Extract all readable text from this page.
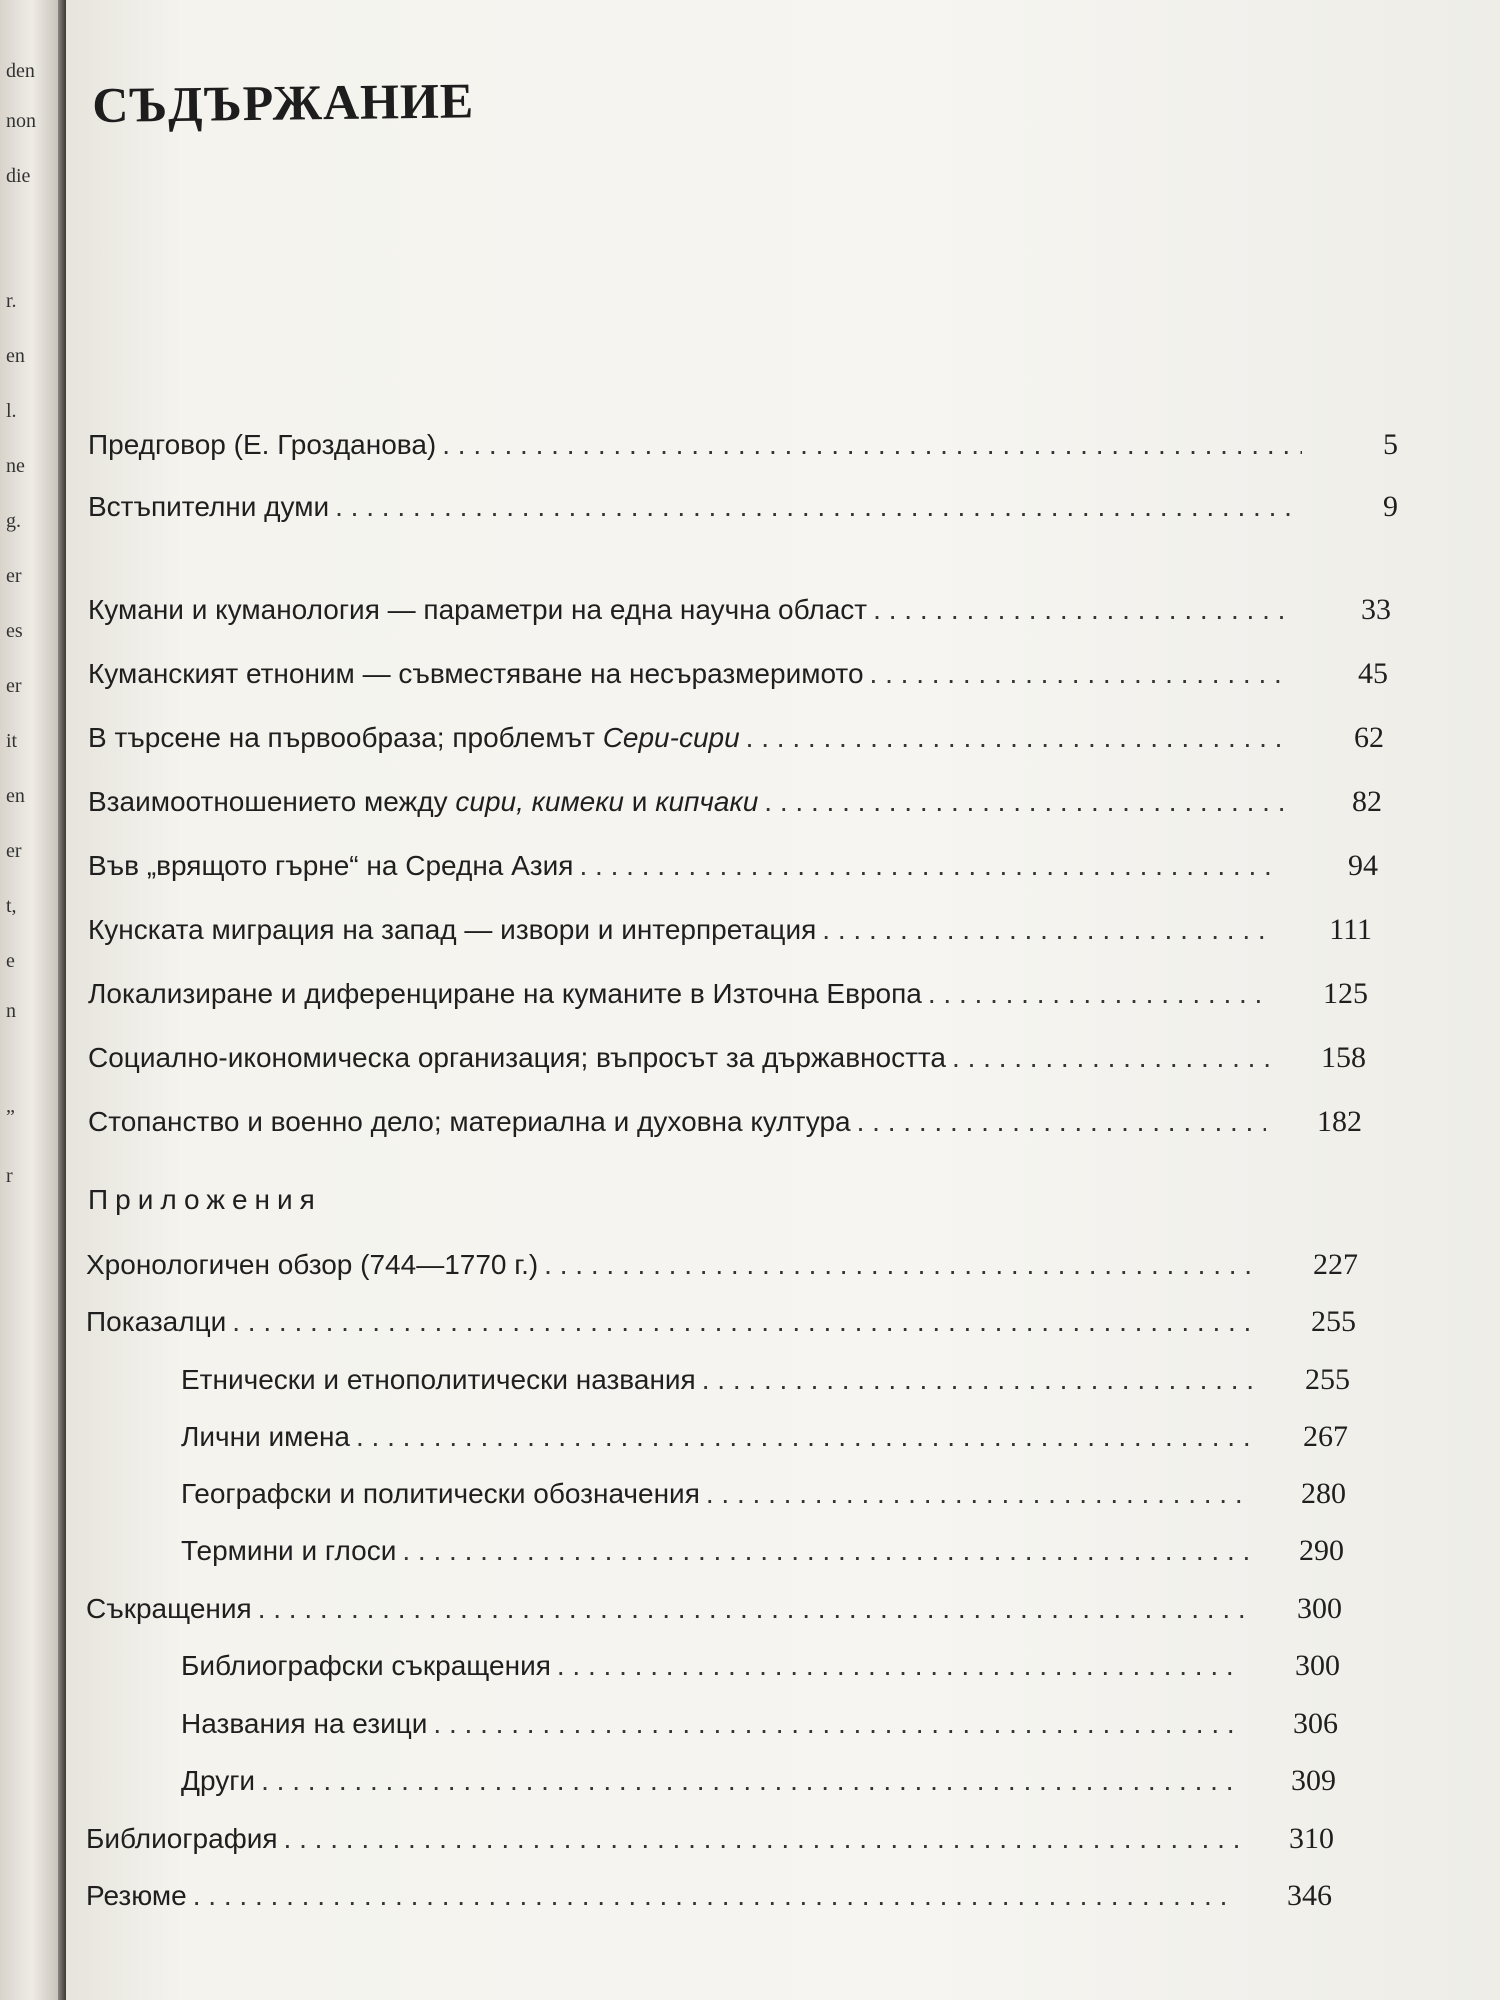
den
non
die
r.
en
l.
ne
g.
er
es
er
it
en
er
t,
e
n
„
r
СЪДЪРЖАНИЕ
Предговор (Е. Грозданова) . . .	5
Встъпителни думи . . .	9
Кумани и куманология — параметри на една научна област . . .	33
Куманският етноним — съвместяване на несъразмеримото . . .	45
В търсене на първообраза; проблемът Сери-сири . . .	62
Взаимоотношението между сири, кимеки и кипчаки . . .	82
Във „врящото гърне“ на Средна Азия . . .	94
Кунската миграция на запад — извори и интерпретация . . .	111
Локализиране и диференциране на куманите в Източна Европа . . .	125
Социално-икономическа организация; въпросът за държавността . . .	158
Стопанство и военно дело; материална и духовна култура . . .	182
Хронологичен обзор (744—1770 г.) . . .	227
Показалци . . .	255
Етнически и етнополитически названия . . .	255
Лични имена . . .	267
Географски и политически обозначения . . .	280
Термини и глоси . . .	290
Съкращения . . .	300
Библиографски съкращения . . .	300
Названия на езици . . .	306
Други . . .	309
Библиография . . .	310
Резюме . . .	346
Приложения
